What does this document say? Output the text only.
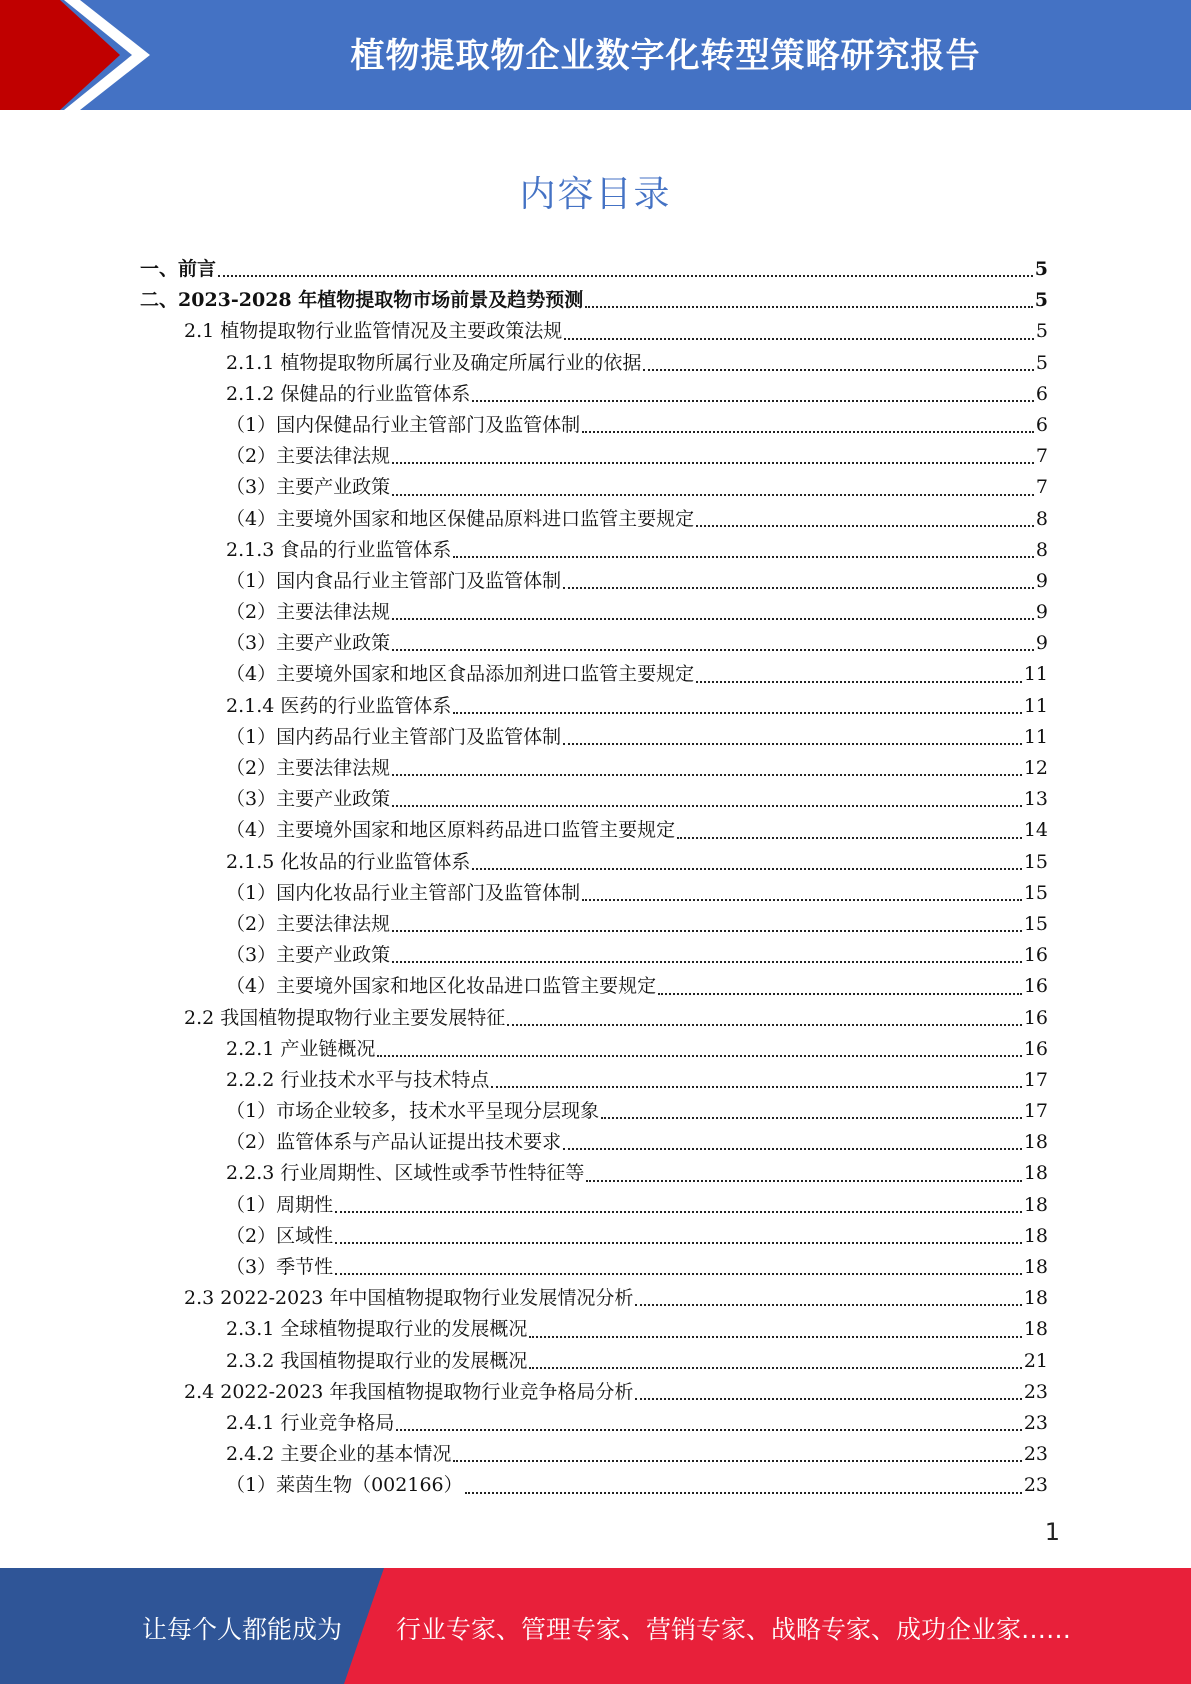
植物提取物企业数字化转型策略研究报告
内容目录
一、前言	5
二、2023-2028 年植物提取物市场前景及趋势预测	5
2.1 植物提取物行业监管情况及主要政策法规	5
2.1.1 植物提取物所属行业及确定所属行业的依据	5
2.1.2 保健品的行业监管体系	6
（1）国内保健品行业主管部门及监管体制	6
（2）主要法律法规	7
（3）主要产业政策	7
（4）主要境外国家和地区保健品原料进口监管主要规定	8
2.1.3 食品的行业监管体系	8
（1）国内食品行业主管部门及监管体制	9
（2）主要法律法规	9
（3）主要产业政策	9
（4）主要境外国家和地区食品添加剂进口监管主要规定	11
2.1.4 医药的行业监管体系	11
（1）国内药品行业主管部门及监管体制	11
（2）主要法律法规	12
（3）主要产业政策	13
（4）主要境外国家和地区原料药品进口监管主要规定	14
2.1.5 化妆品的行业监管体系	15
（1）国内化妆品行业主管部门及监管体制	15
（2）主要法律法规	15
（3）主要产业政策	16
（4）主要境外国家和地区化妆品进口监管主要规定	16
2.2 我国植物提取物行业主要发展特征	16
2.2.1 产业链概况	16
2.2.2 行业技术水平与技术特点	17
（1）市场企业较多，技术水平呈现分层现象	17
（2）监管体系与产品认证提出技术要求	18
2.2.3 行业周期性、区域性或季节性特征等	18
（1）周期性	18
（2）区域性	18
（3）季节性	18
2.3 2022-2023 年中国植物提取物行业发展情况分析	18
2.3.1 全球植物提取行业的发展概况	18
2.3.2 我国植物提取行业的发展概况	21
2.4 2022-2023 年我国植物提取物行业竞争格局分析	23
2.4.1 行业竞争格局	23
2.4.2 主要企业的基本情况	23
（1）莱茵生物（002166）	23
1
让每个人都能成为 行业专家、管理专家、营销专家、战略专家、成功企业家……
